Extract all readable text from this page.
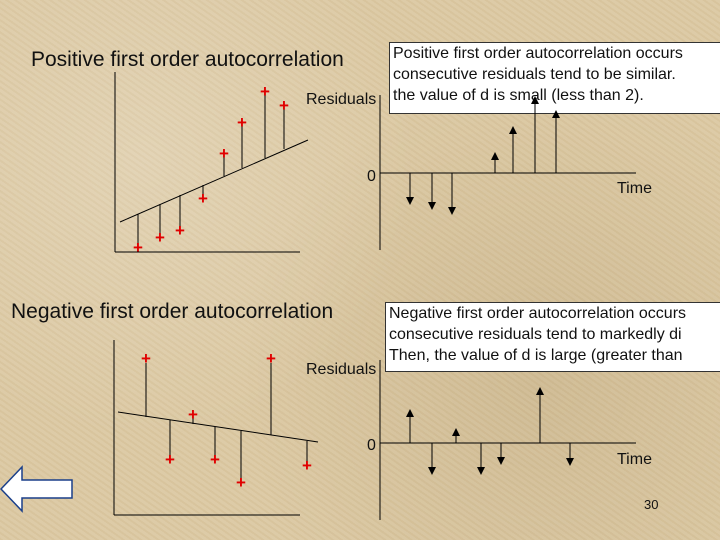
Positive first order autocorrelation	Positive first order autocorrelation occurs
consecutive residuals tend to be similar.
the value of d is small (less than 2).
Residuals
0
Time
Negative first order autocorrelation	Negative first order autocorrelation occurs
consecutive residuals tend to markedly di
Then, the value of d is large (greater than
Residuals
0
Time
+
+ +
+
+
+
+
+
+
+
+
+
+
+
+
30
